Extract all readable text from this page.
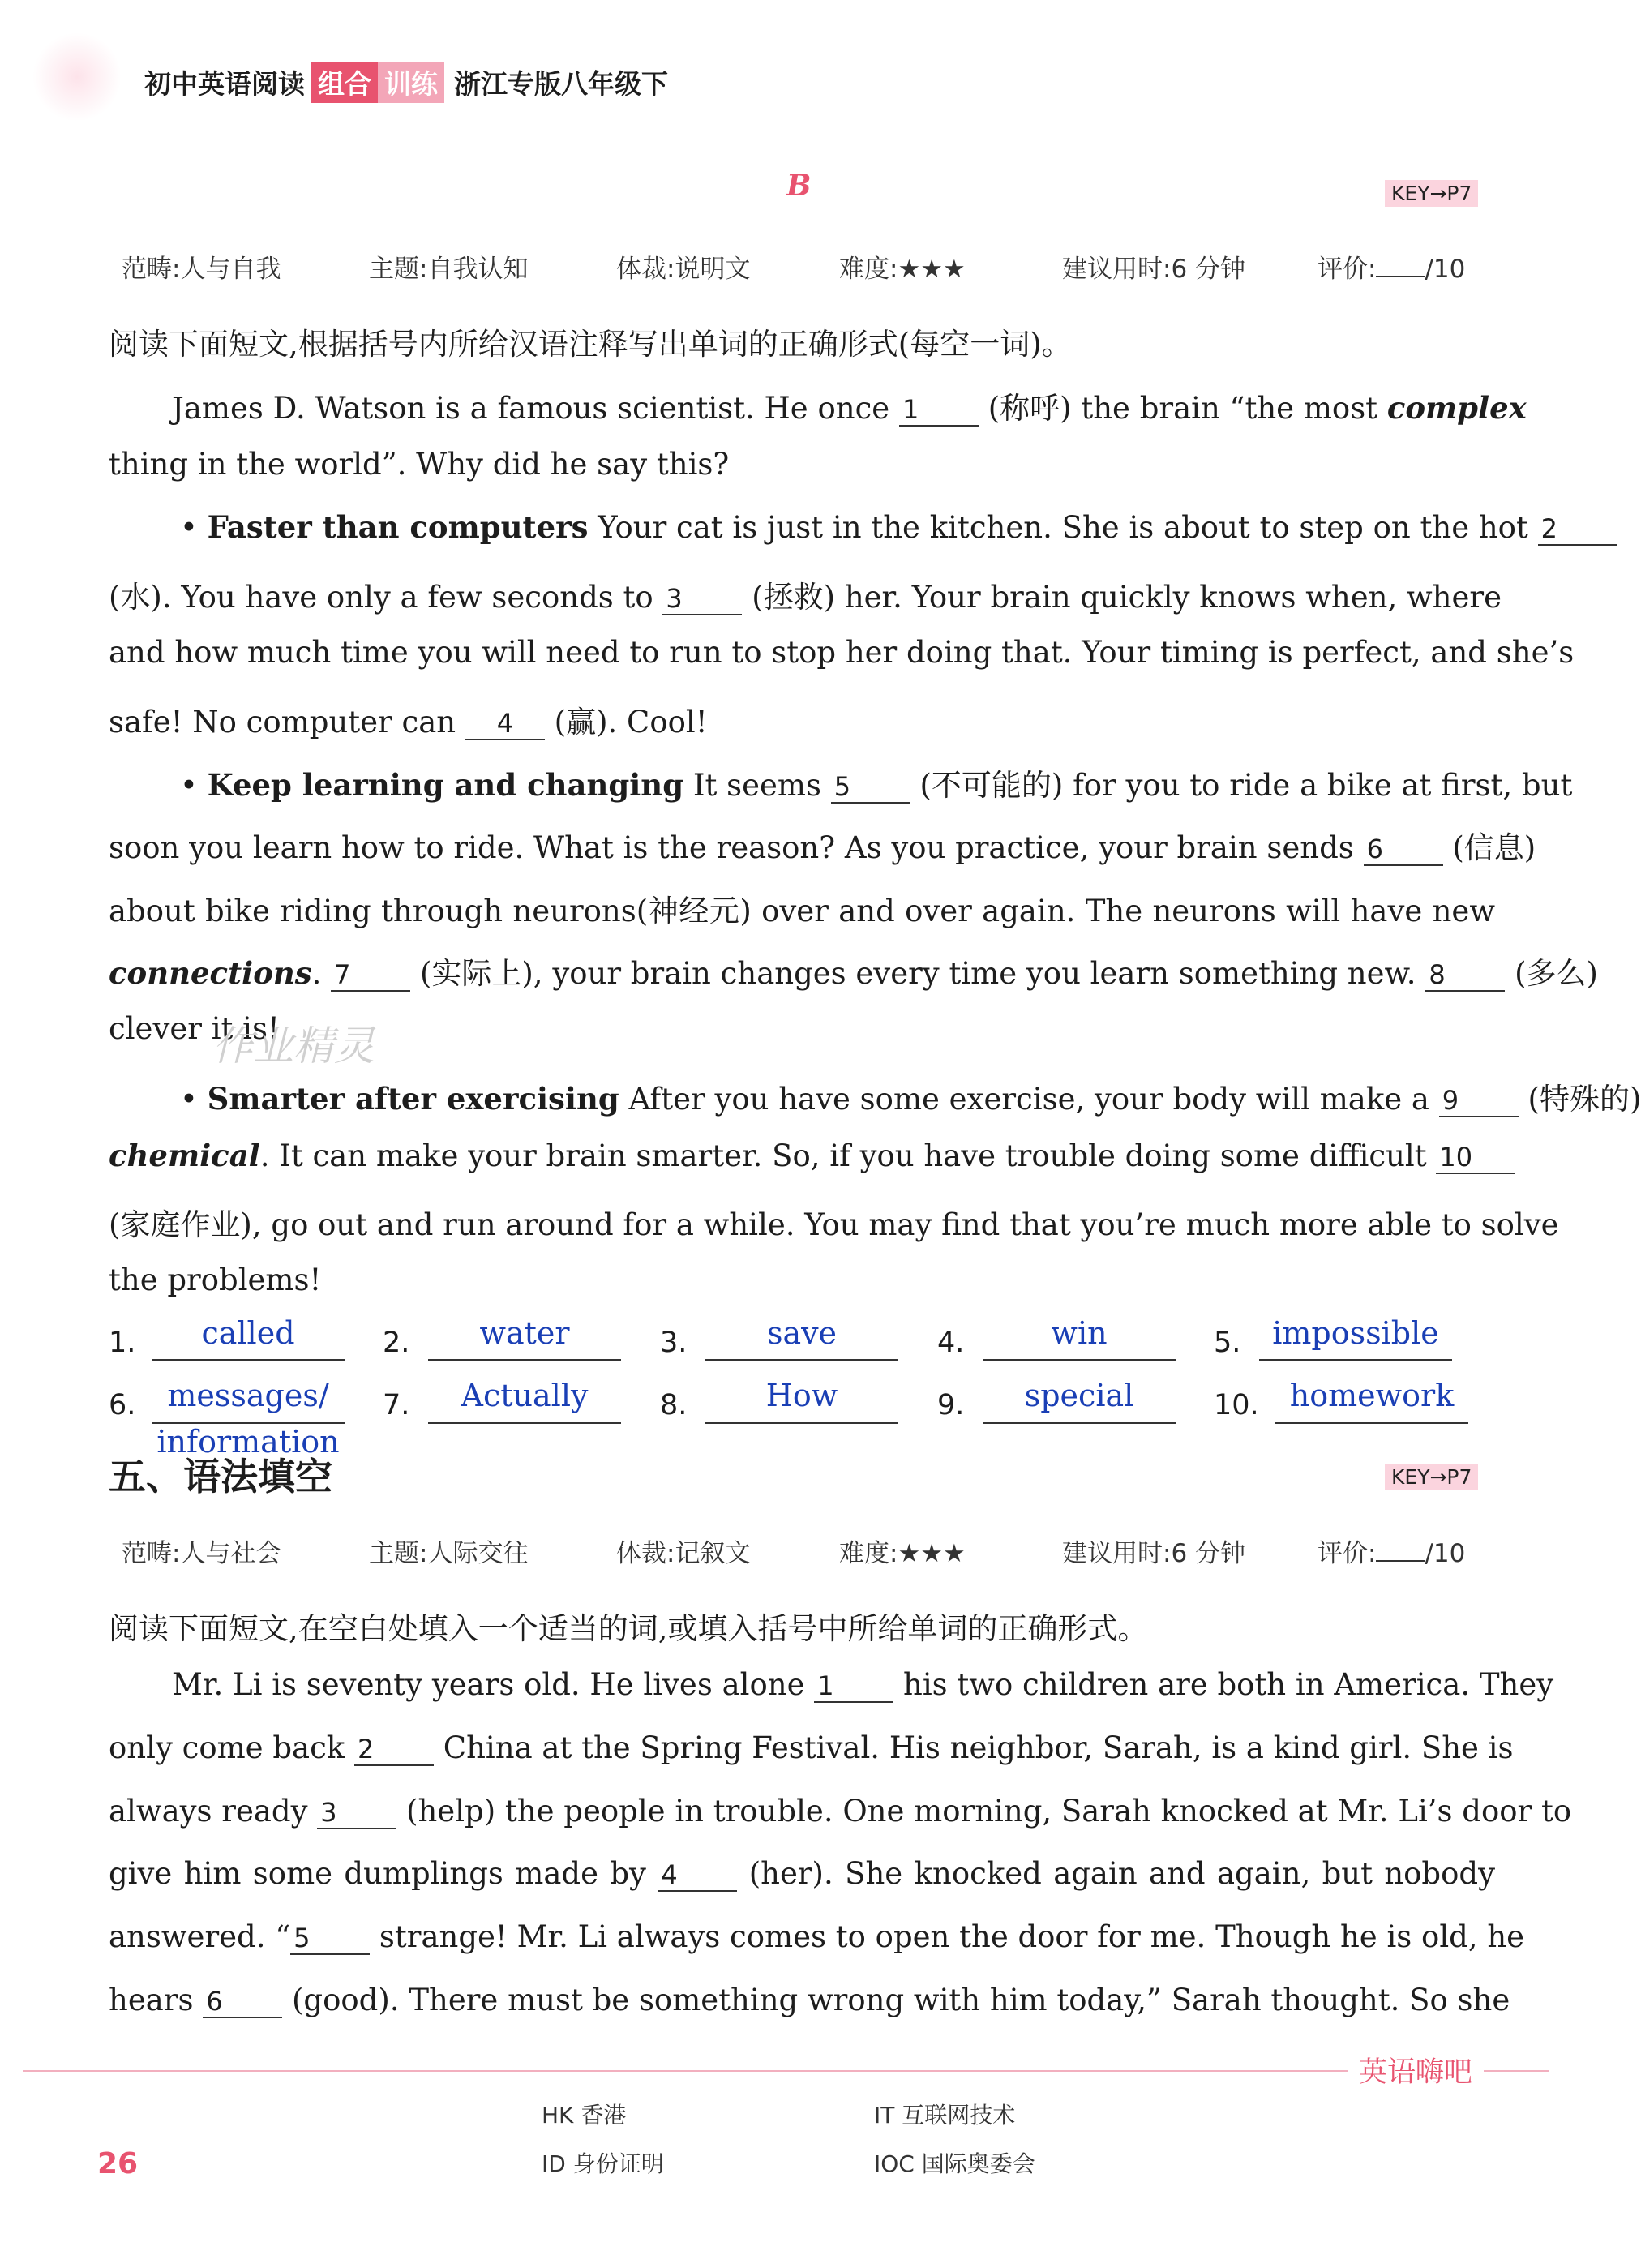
初中英语阅读 组合 训练 浙江专版八年级下
B	KEY→P7
范畴:人与自我	主题:自我认知	体裁:说明文	难度:★★★	建议用时:6 分钟	评价: /10
阅读下面短文,根据括号内所给汉语注释写出单词的正确形式(每空一词)。
James D. Watson is a famous scientist. He once 1 (称呼) the brain “the most complex
thing in the world”. Why did he say this?
• Faster than computers Your cat is just in the kitchen. She is about to step on the hot 2
(水). You have only a few seconds to 3 (拯救) her. Your brain quickly knows when, where
and how much time you will need to run to stop her doing that. Your timing is perfect, and she’s
safe! No computer can 4 (赢). Cool!
• Keep learning and changing It seems 5 (不可能的) for you to ride a bike at first, but
soon you learn how to ride. What is the reason? As you practice, your brain sends 6 (信息)
about bike riding through neurons(神经元) over and over again. The neurons will have new
connections. 7 (实际上), your brain changes every time you learn something new. 8 (多么)
clever it is!
作业精灵
• Smarter after exercising After you have some exercise, your body will make a 9 (特殊的)
chemical. It can make your brain smarter. So, if you have trouble doing some difficult 10
(家庭作业), go out and run around for a while. You may find that you’re much more able to solve
the problems!
1.	called	2.	water	3.	save	4.	win	5.	impossible
6.	messages/
information
7.	Actually	8.	How	9.	special	10.	homework
五、语法填空	KEY→P7
范畴:人与社会	主题:人际交往	体裁:记叙文	难度:★★★	建议用时:6 分钟	评价: /10
阅读下面短文,在空白处填入一个适当的词,或填入括号中所给单词的正确形式。
Mr. Li is seventy years old. He lives alone 1 his two children are both in America. They
only come back 2 China at the Spring Festival. His neighbor, Sarah, is a kind girl. She is
always ready 3 (help) the people in trouble. One morning, Sarah knocked at Mr. Li’s door to
give him some dumplings made by 4 (her). She knocked again and again, but nobody
answered. “ 5 strange! Mr. Li always comes to open the door for me. Though he is old, he
hears 6 (good). There must be something wrong with him today,” Sarah thought. So she
英语嗨吧
HK 香港	IT 互联网技术
ID 身份证明	IOC 国际奥委会
26
